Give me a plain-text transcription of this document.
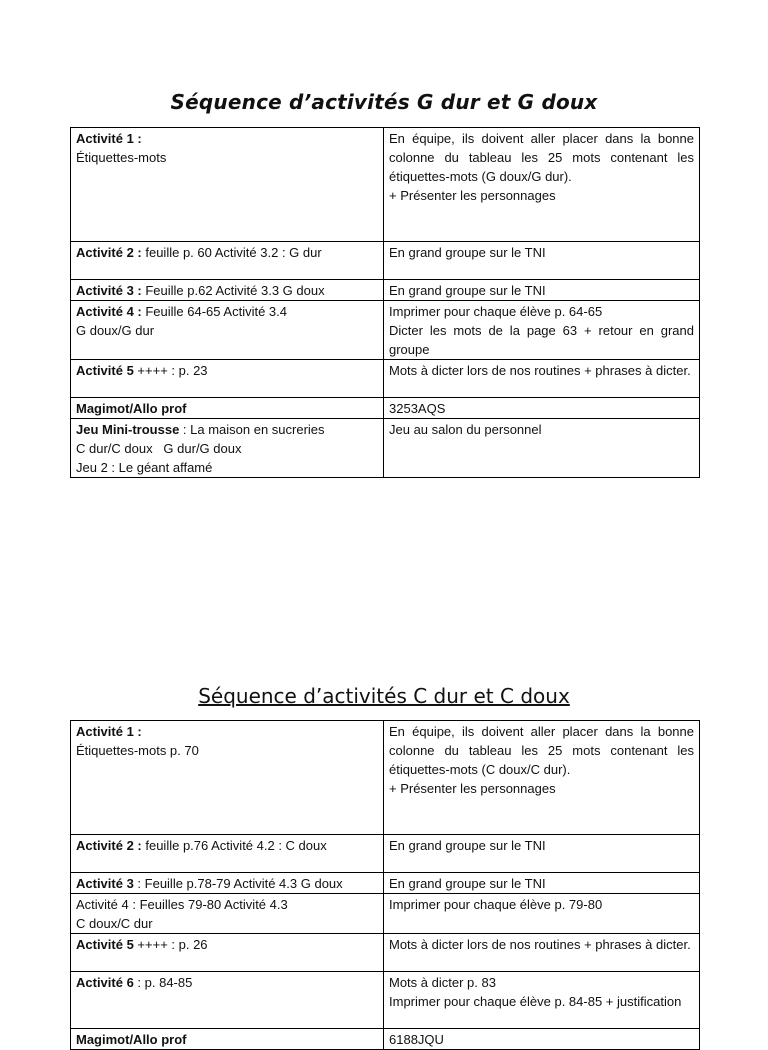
Séquence d’activités G dur et G doux
Activité 1 :
Étiquettes-mots	En équipe, ils doivent aller placer dans la bonne colonne du tableau les 25 mots contenant les étiquettes-mots (G doux/G dur).
+ Présenter les personnages

Activité 2 : feuille p. 60 Activité 3.2 : G dur	En grand groupe sur le TNI

Activité 3 : Feuille p.62 Activité 3.3 G doux	En grand groupe sur le TNI

Activité 4 : Feuille 64-65 Activité 3.4
G doux/G dur	Imprimer pour chaque élève p. 64-65
Dicter les mots de la page 63 + retour en grand groupe

Activité 5 ++++ : p. 23	Mots à dicter lors de nos routines + phrases à dicter.

Magimot/Allo prof	3253AQS

Jeu Mini-trousse : La maison en sucreries
C dur/C doux   G dur/G doux
Jeu 2 : Le géant affamé	Jeu au salon du personnel
Séquence d’activités C dur et C doux
Activité 1 :
Étiquettes-mots p. 70	En équipe, ils doivent aller placer dans la bonne colonne du tableau les 25 mots contenant les étiquettes-mots (C doux/C dur).
+ Présenter les personnages

Activité 2 : feuille p.76 Activité 4.2 : C doux	En grand groupe sur le TNI

Activité 3 : Feuille p.78-79 Activité 4.3 G doux	En grand groupe sur le TNI

Activité 4 : Feuilles 79-80 Activité 4.3
C doux/C dur	Imprimer pour chaque élève p. 79-80

Activité 5 ++++ : p. 26	Mots à dicter lors de nos routines + phrases à dicter.

Activité 6 : p. 84-85	Mots à dicter p. 83
Imprimer pour chaque élève p. 84-85 + justification

Magimot/Allo prof	6188JQU
